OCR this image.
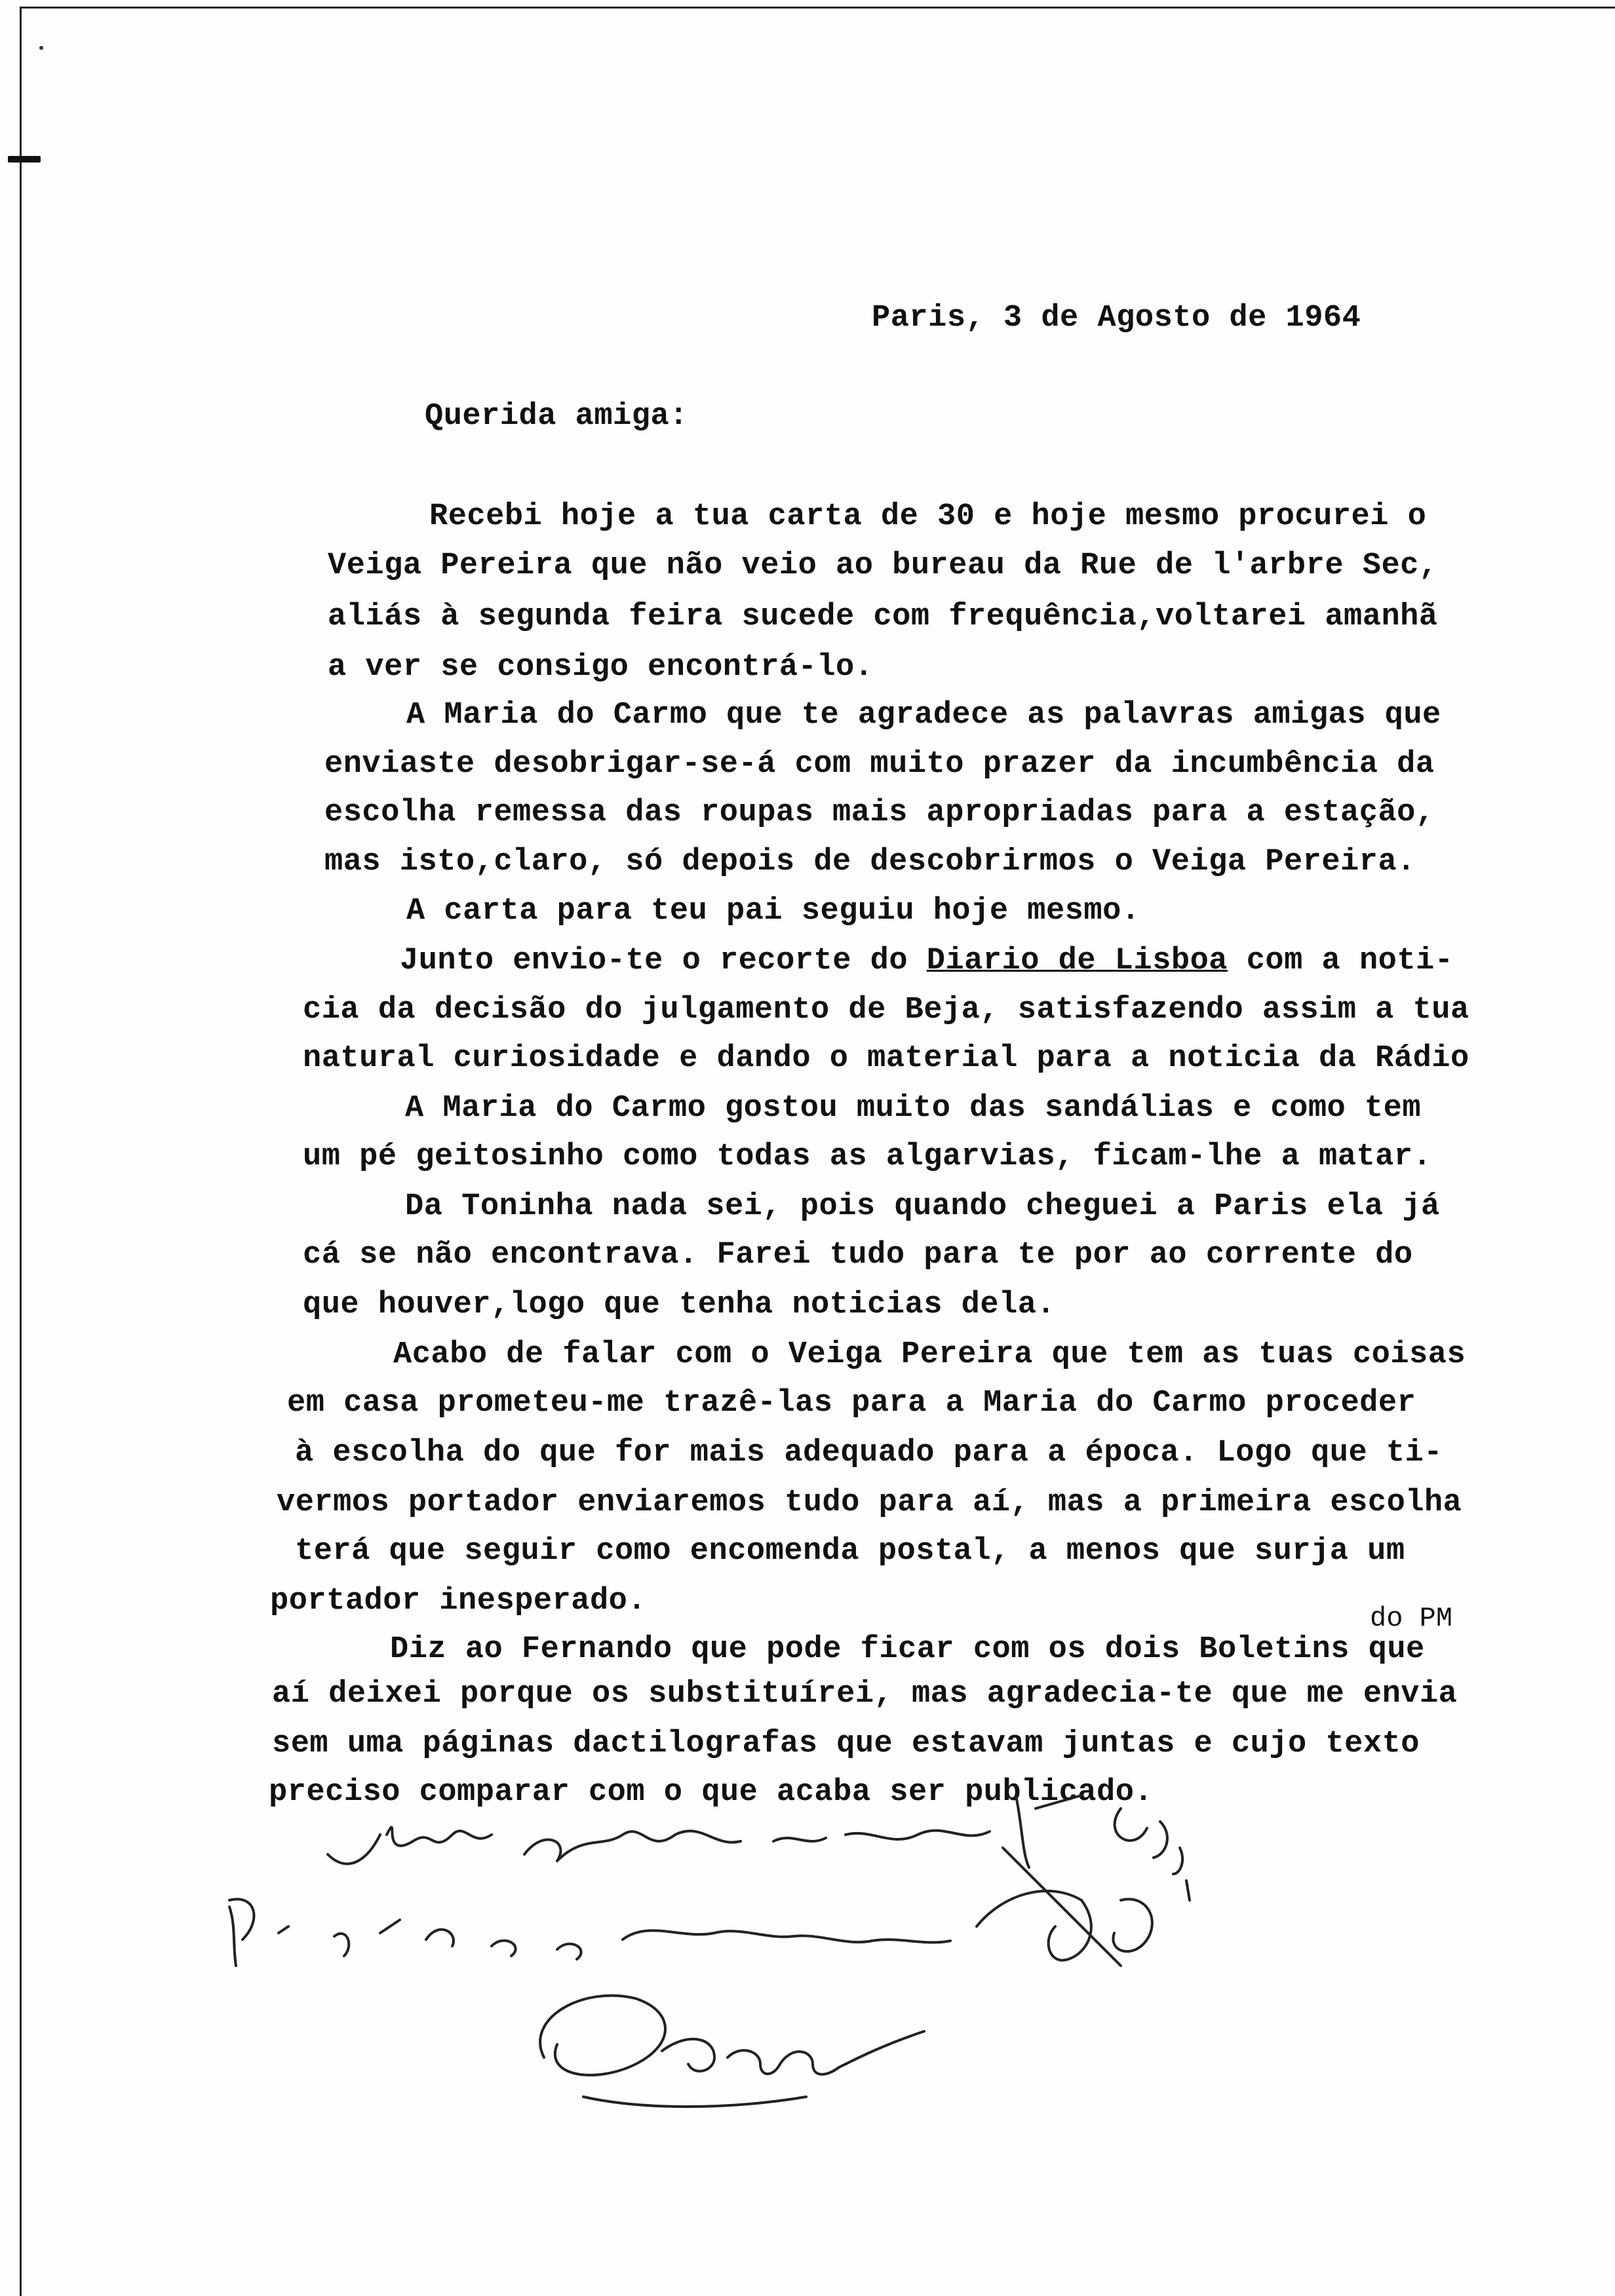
Paris, 3 de Agosto de 1964
Querida amiga:
Recebi hoje a tua carta de 30 e hoje mesmo procurei o
Veiga Pereira que não veio ao bureau da Rue de l'arbre Sec,
aliás à segunda feira sucede com frequência,voltarei amanhã
a ver se consigo encontrá-lo.
A Maria do Carmo que te agradece as palavras amigas que
enviaste desobrigar-se-á com muito prazer da incumbência da
escolha remessa das roupas mais apropriadas para a estação,
mas isto,claro, só depois de descobrirmos o Veiga Pereira.
A carta para teu pai seguiu hoje mesmo.
Junto envio-te o recorte do Diario de Lisboa com a noti-
cia da decisão do julgamento de Beja, satisfazendo assim a tua
natural curiosidade e dando o material para a noticia da Rádio
A Maria do Carmo gostou muito das sandálias e como tem
um pé geitosinho como todas as algarvias, ficam-lhe a matar.
Da Toninha nada sei, pois quando cheguei a Paris ela já
cá se não encontrava. Farei tudo para te por ao corrente do
que houver,logo que tenha noticias dela.
Acabo de falar com o Veiga Pereira que tem as tuas coisas
em casa prometeu-me trazê-las para a Maria do Carmo proceder
à escolha do que for mais adequado para a época. Logo que ti-
vermos portador enviaremos tudo para aí, mas a primeira escolha
terá que seguir como encomenda postal, a menos que surja um
portador inesperado.	do PM
Diz ao Fernando que pode ficar com os dois Boletins que
aí deixei porque os substituírei, mas agradecia-te que me envia
sem uma páginas dactilografas que estavam juntas e cujo texto
preciso comparar com o que acaba ser publicado.
